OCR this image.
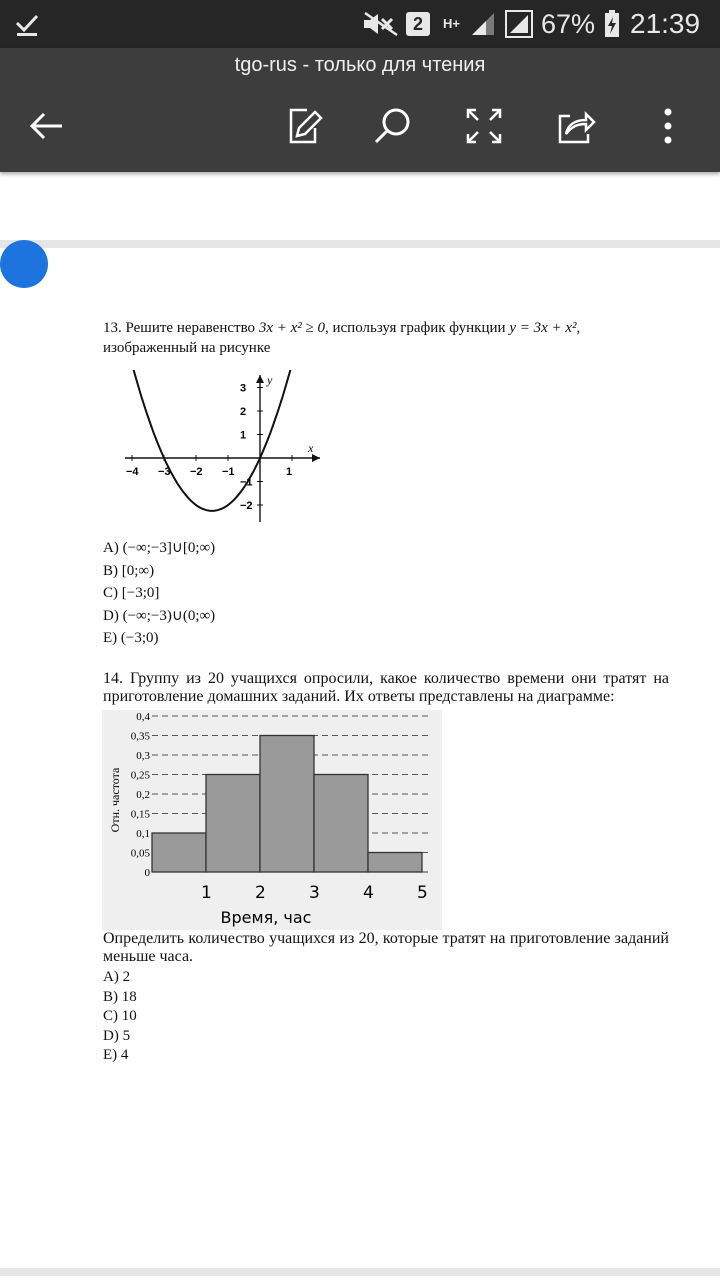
2	H+	67% 21:39
tgo-rus - только для чтения
13. Решите неравенство 3x + x² ≥ 0, используя график функции y = 3x + x²,
изображенный на рисунке
x
y
−4 −3 −2 −1	1
3
2
1
−1
−2
A) (−∞;−3]∪[0;∞)
B) [0;∞)
C) [−3;0]
D) (−∞;−3)∪(0;∞)
E) (−3;0)
14. Группу из 20 учащихся опросили, какое количество времени они тратят на приготовление домашних заданий. Их ответы представлены на диаграмме:
0
0,05
0,1
0,15
0,2
0,25
0,3
0,35
0,4
1	2	3	4	5
Время, час
Отн. частота
Определить количество учащихся из 20, которые тратят на приготовление заданий меньше часа.
A) 2
B) 18
C) 10
D) 5
E) 4
